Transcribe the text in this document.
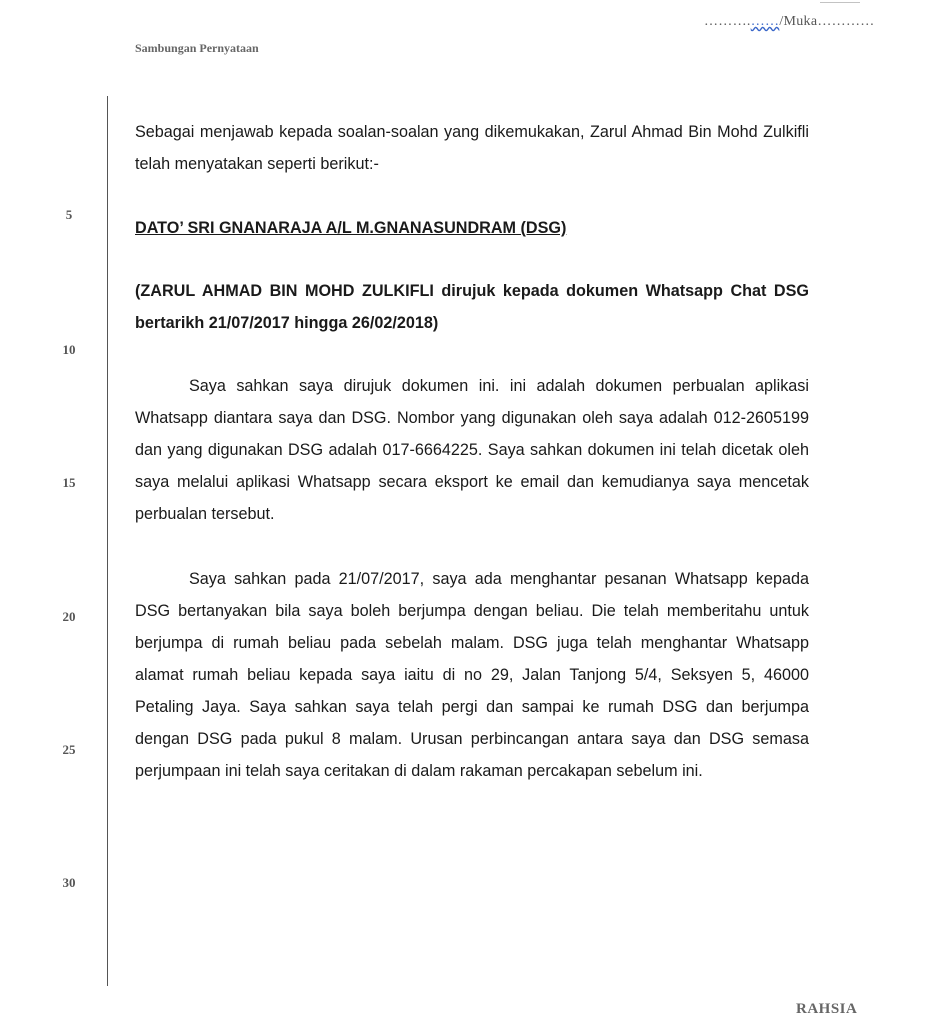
……….……/Muka…………
Sambungan Pernyataan
5
10
15
20
25
30

Sebagai menjawab kepada soalan-soalan yang dikemukakan, Zarul Ahmad Bin Mohd Zulkifli telah menyatakan seperti berikut:-

DATO’ SRI GNANARAJA A/L M.GNANASUNDRAM (DSG)

(ZARUL AHMAD BIN MOHD ZULKIFLI dirujuk kepada dokumen Whatsapp Chat DSG bertarikh 21/07/2017 hingga 26/02/2018)

Saya sahkan saya dirujuk dokumen ini. ini adalah dokumen perbualan aplikasi Whatsapp diantara saya dan DSG. Nombor yang digunakan oleh saya adalah 012-2605199 dan yang digunakan DSG adalah 017-6664225. Saya sahkan dokumen ini telah dicetak oleh saya melalui aplikasi Whatsapp secara eksport ke email dan kemudianya saya mencetak perbualan tersebut.

Saya sahkan pada 21/07/2017, saya ada menghantar pesanan Whatsapp kepada DSG bertanyakan bila saya boleh berjumpa dengan beliau. Die telah memberitahu untuk berjumpa di rumah beliau pada sebelah malam. DSG juga telah menghantar Whatsapp alamat rumah beliau kepada saya iaitu di no 29, Jalan Tanjong 5/4, Seksyen 5, 46000 Petaling Jaya. Saya sahkan saya telah pergi dan sampai ke rumah DSG dan berjumpa dengan DSG pada pukul 8 malam. Urusan perbincangan antara saya dan DSG semasa perjumpaan ini telah saya ceritakan di dalam rakaman percakapan sebelum ini.

RAHSIA
